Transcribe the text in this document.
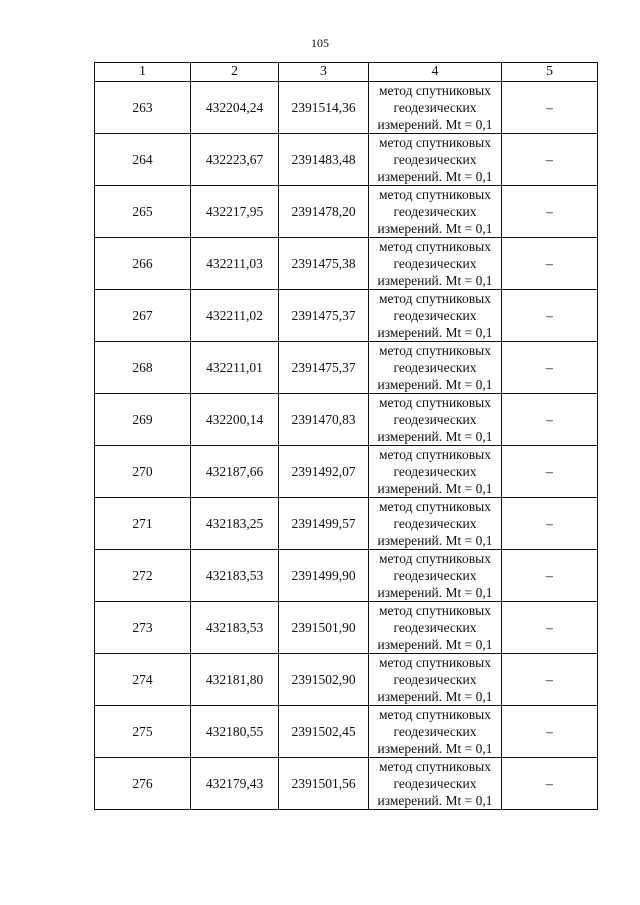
105
1	2	3	4	5
263	432204,24	2391514,36	метод спутниковых
геодезических
измерений. Mt = 0,1	–
264	432223,67	2391483,48	метод спутниковых
геодезических
измерений. Mt = 0,1	–
265	432217,95	2391478,20	метод спутниковых
геодезических
измерений. Mt = 0,1	–
266	432211,03	2391475,38	метод спутниковых
геодезических
измерений. Mt = 0,1	–
267	432211,02	2391475,37	метод спутниковых
геодезических
измерений. Mt = 0,1	–
268	432211,01	2391475,37	метод спутниковых
геодезических
измерений. Mt = 0,1	–
269	432200,14	2391470,83	метод спутниковых
геодезических
измерений. Mt = 0,1	–
270	432187,66	2391492,07	метод спутниковых
геодезических
измерений. Mt = 0,1	–
271	432183,25	2391499,57	метод спутниковых
геодезических
измерений. Mt = 0,1	–
272	432183,53	2391499,90	метод спутниковых
геодезических
измерений. Mt = 0,1	–
273	432183,53	2391501,90	метод спутниковых
геодезических
измерений. Mt = 0,1	–
274	432181,80	2391502,90	метод спутниковых
геодезических
измерений. Mt = 0,1	–
275	432180,55	2391502,45	метод спутниковых
геодезических
измерений. Mt = 0,1	–
276	432179,43	2391501,56	метод спутниковых
геодезических
измерений. Mt = 0,1	–
